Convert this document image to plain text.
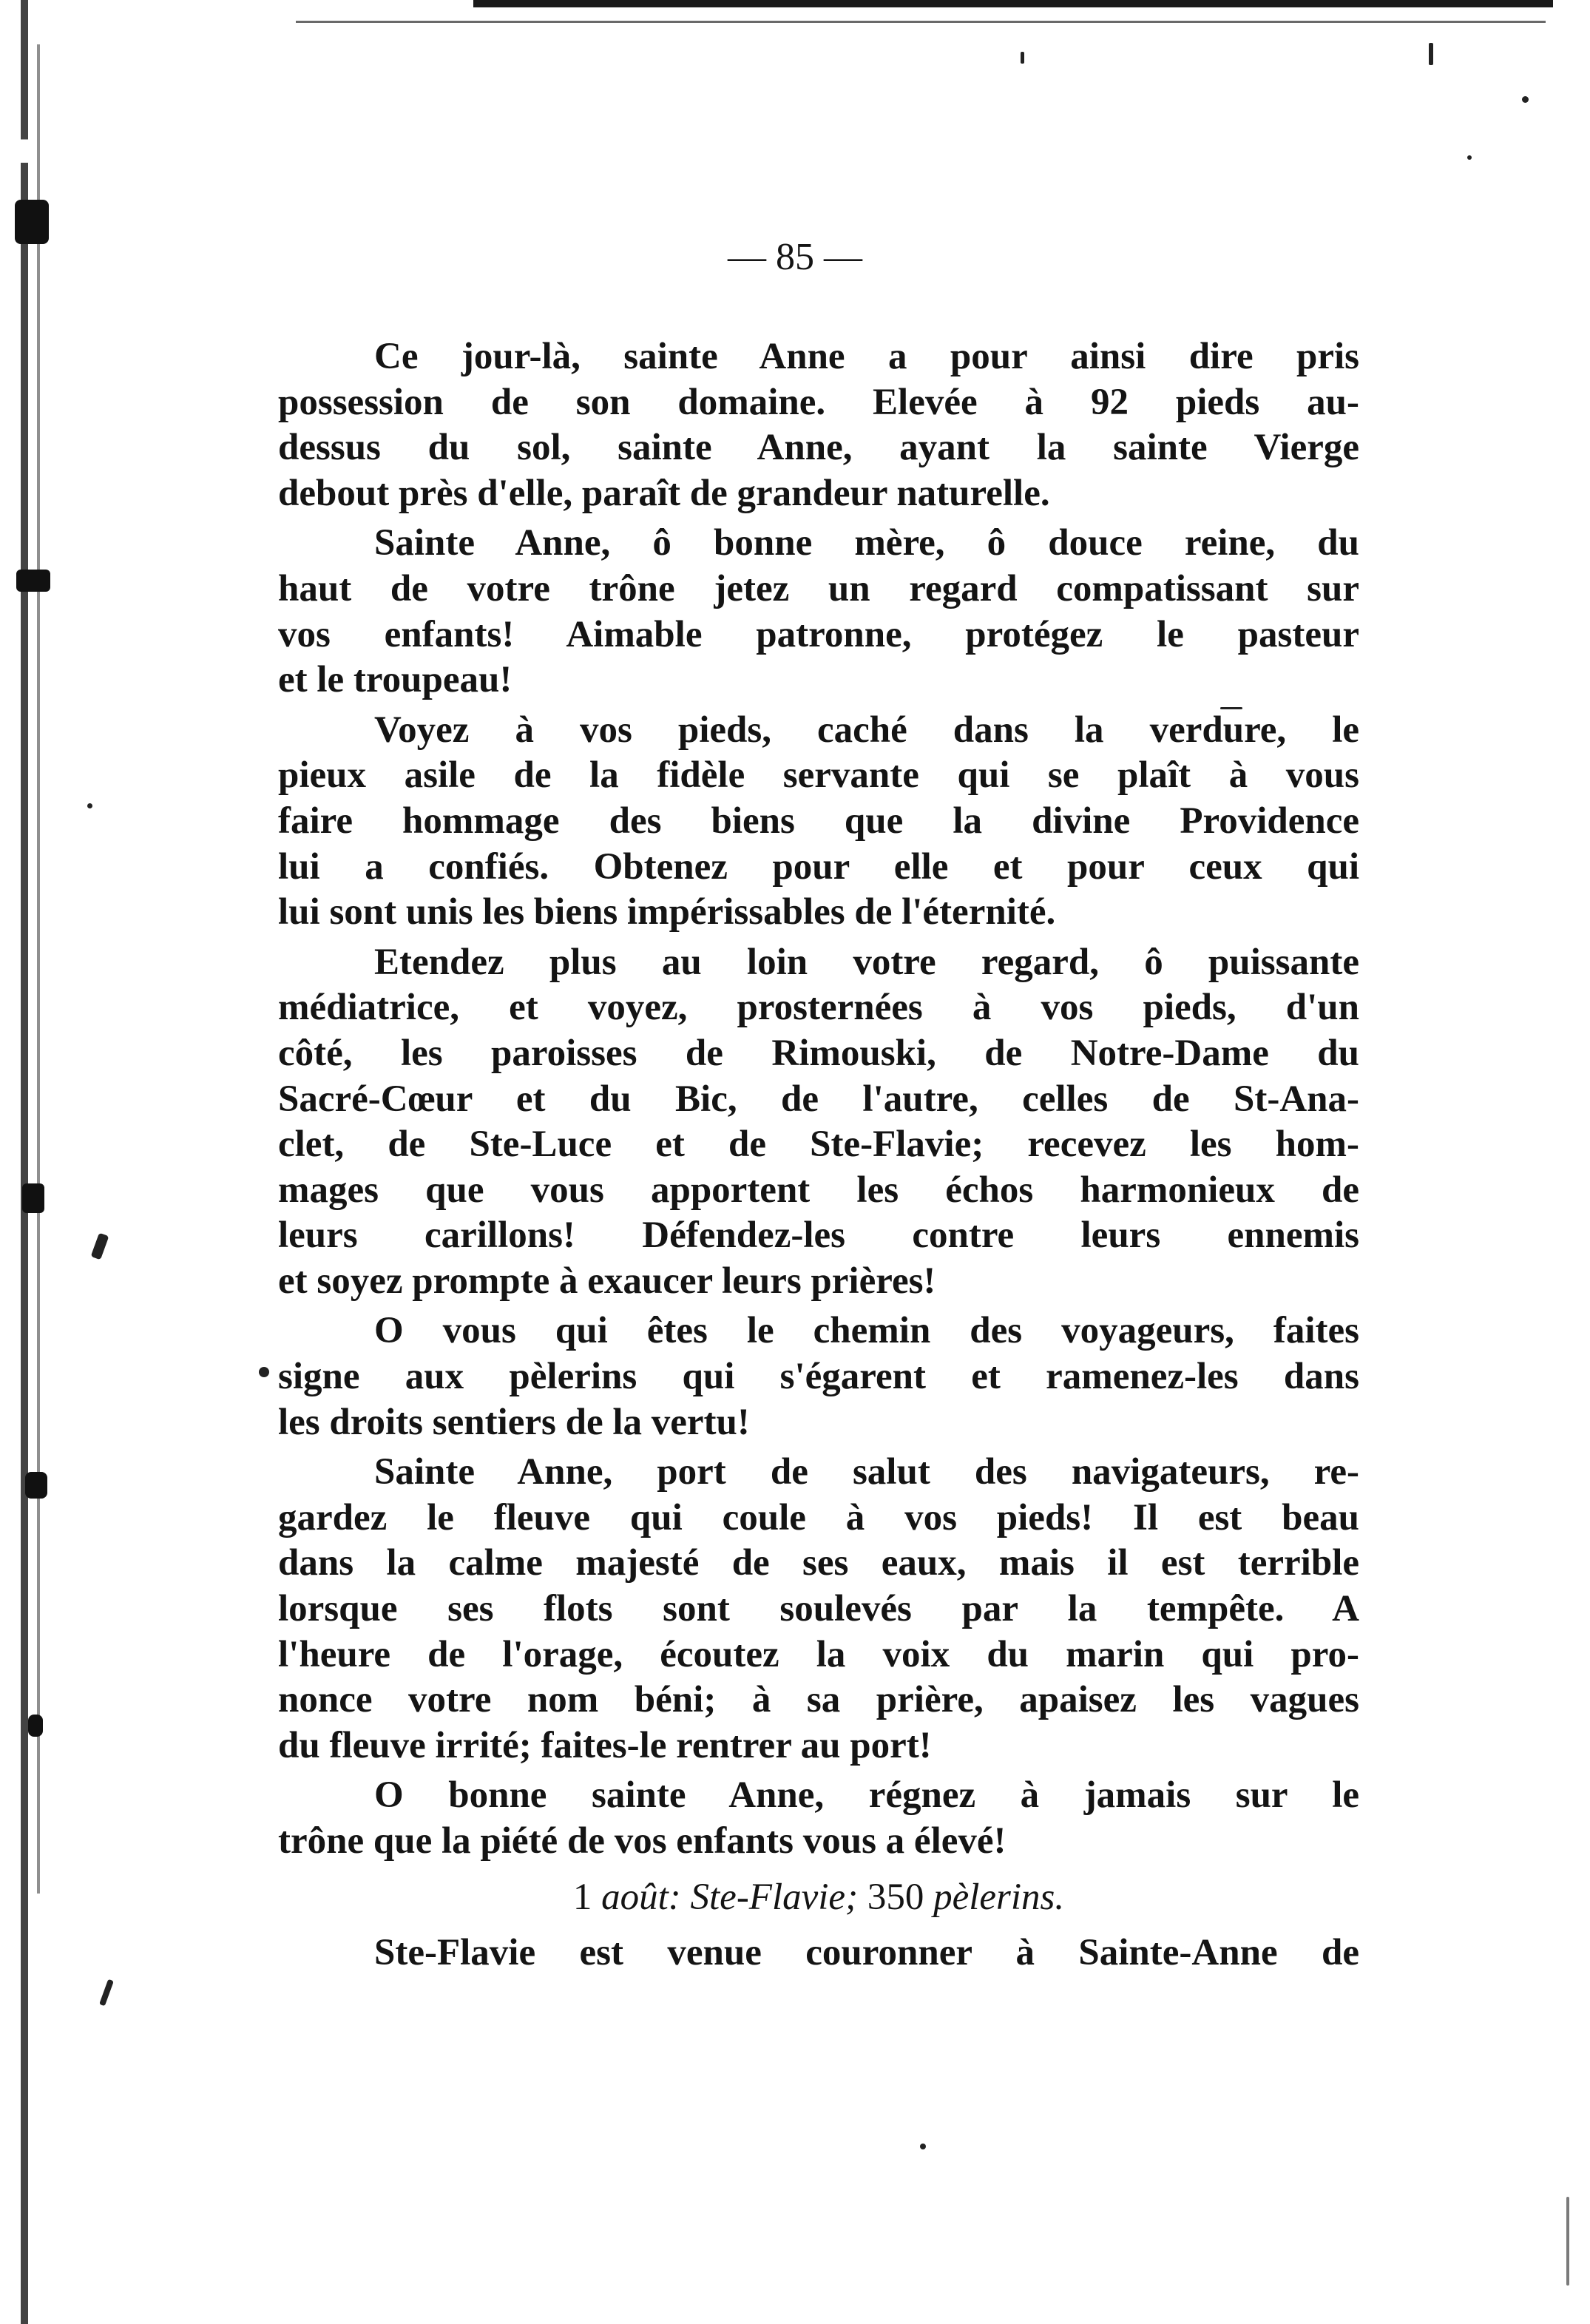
— 85 —
Ce jour-là, sainte Anne a pour ainsi dire pris
possession de son domaine. Elevée à 92 pieds au-
dessus du sol, sainte Anne, ayant la sainte Vierge
debout près d'elle, paraît de grandeur naturelle.
Sainte Anne, ô bonne mère, ô douce reine, du
haut de votre trône jetez un regard compatissant sur
vos enfants! Aimable patronne, protégez le pasteur
et le troupeau!
Voyez à vos pieds, caché dans la verdure, le
pieux asile de la fidèle servante qui se plaît à vous
faire hommage des biens que la divine Providence
lui a confiés. Obtenez pour elle et pour ceux qui
lui sont unis les biens impérissables de l'éternité.
Etendez plus au loin votre regard, ô puissante
médiatrice, et voyez, prosternées à vos pieds, d'un
côté, les paroisses de Rimouski, de Notre-Dame du
Sacré-Cœur et du Bic, de l'autre, celles de St-Ana-
clet, de Ste-Luce et de Ste-Flavie; recevez les hom-
mages que vous apportent les échos harmonieux de
leurs carillons! Défendez-les contre leurs ennemis
et soyez prompte à exaucer leurs prières!
O vous qui êtes le chemin des voyageurs, faites
signe aux pèlerins qui s'égarent et ramenez-les dans
les droits sentiers de la vertu!
Sainte Anne, port de salut des navigateurs, re-
gardez le fleuve qui coule à vos pieds! Il est beau
dans la calme majesté de ses eaux, mais il est terrible
lorsque ses flots sont soulevés par la tempête. A
l'heure de l'orage, écoutez la voix du marin qui pro-
nonce votre nom béni; à sa prière, apaisez les vagues
du fleuve irrité; faites-le rentrer au port!
O bonne sainte Anne, régnez à jamais sur le
trône que la piété de vos enfants vous a élevé!
1 août: Ste-Flavie; 350 pèlerins.
Ste-Flavie est venue couronner à Sainte-Anne de
